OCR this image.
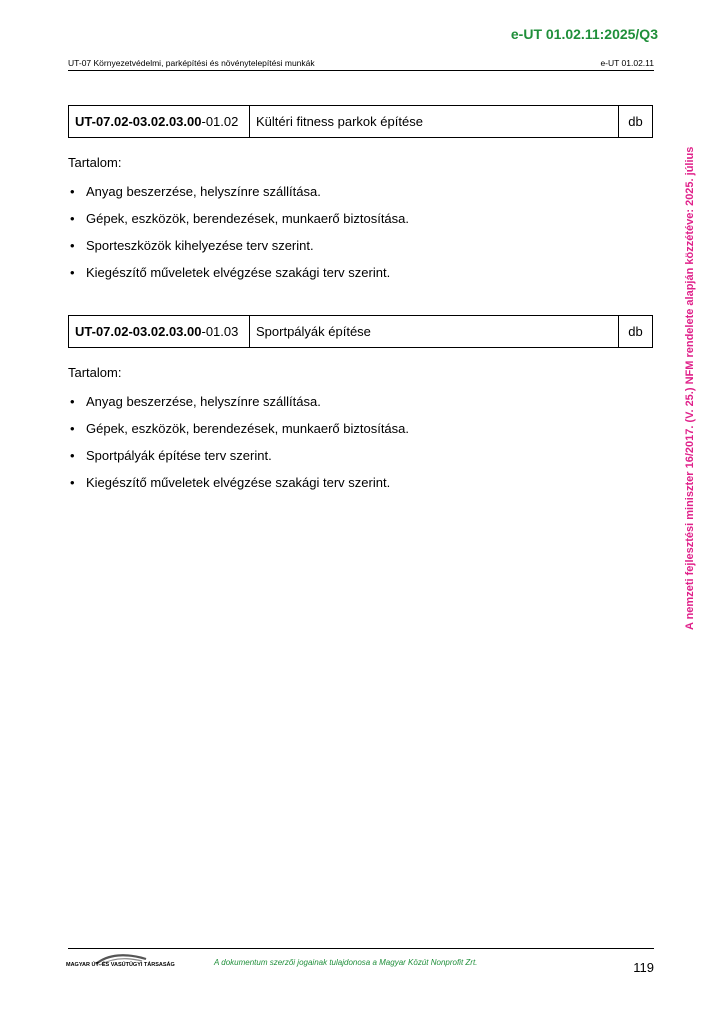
e-UT 01.02.11:2025/Q3
UT-07 Környezetvédelmi, parképítési és növénytelepítési munkák	e-UT 01.02.11
A nemzeti fejlesztési miniszter 16/2017. (V. 25.) NFM rendelete alapján közzétéve: 2025. július
UT-07.02-03.02.03.00 -01.02	Kültéri fitness parkok építése	db

Tartalom:

• Anyag beszerzése, helyszínre szállítása.
• Gépek, eszközök, berendezések, munkaerő biztosítása.
• Sporteszközök kihelyezése terv szerint.
• Kiegészítő műveletek elvégzése szakági terv szerint.
UT-07.02-03.02.03.00 -01.03	Sportpályák építése	db

Tartalom:

• Anyag beszerzése, helyszínre szállítása.
• Gépek, eszközök, berendezések, munkaerő biztosítása.
• Sportpályák építése terv szerint.
• Kiegészítő műveletek elvégzése szakági terv szerint.
MAGYAR ÚT- ÉS VASÚTÜGYI TÁRSASÁG	A dokumentum szerzői jogainak tulajdonosa a Magyar Közút Nonprofit Zrt.	119
